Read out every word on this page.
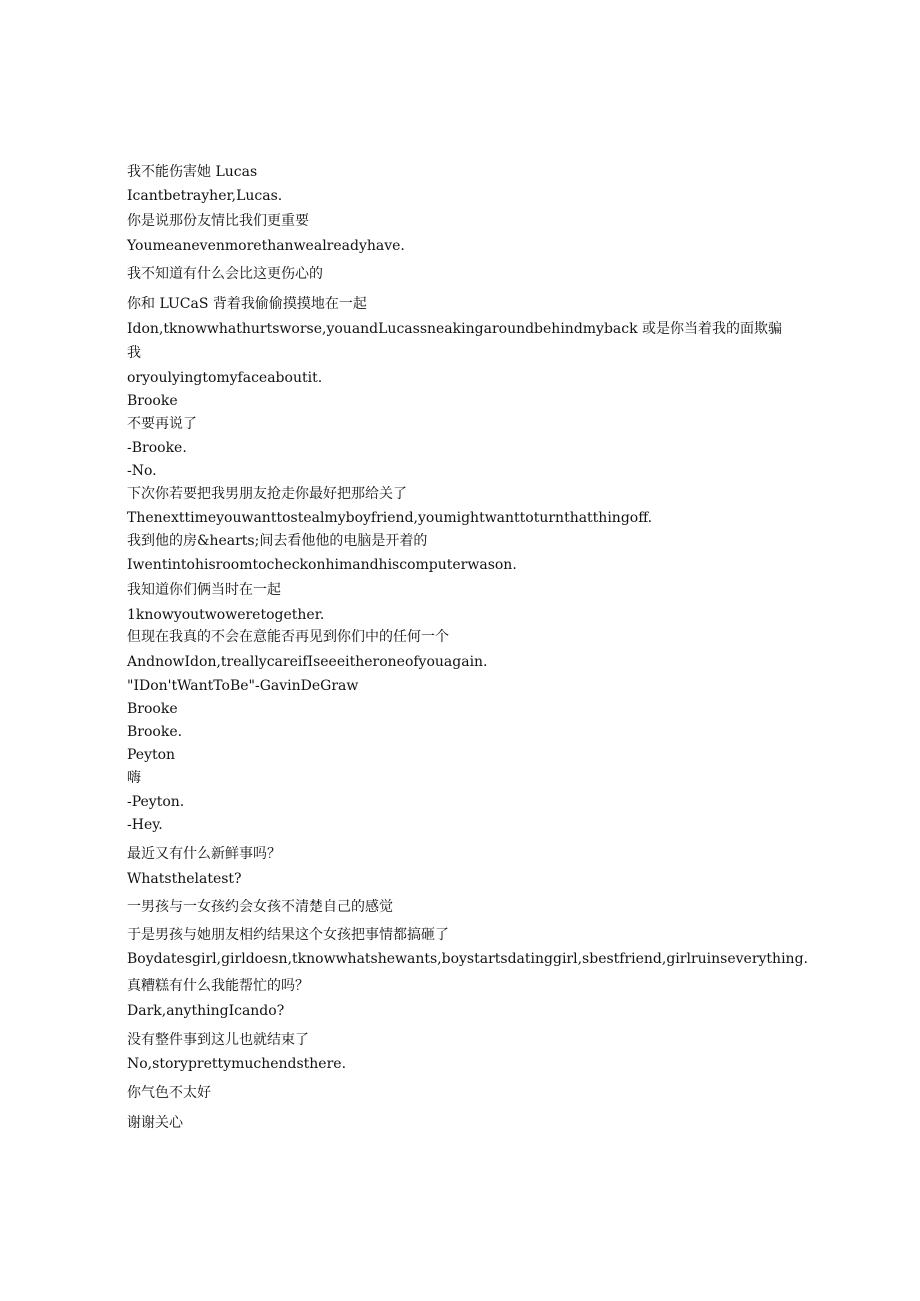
我不能伤害她 Lucas
Icantbetrayher,Lucas.
你是说那份友情比我们更重要
Youmeanevenmorethanwealreadyhave.
我不知道有什么会比这更伤心的
你和 LUCaS 背着我偷偷摸摸地在一起
Idon,tknowwhathurtsworse,youandLucassneakingaroundbehindmyback 或是你当着我的面欺骗
我
oryoulyingtomyfaceaboutit.
Brooke
不要再说了
-Brooke.
-No.
下次你若要把我男朋友抢走你最好把那给关了
Thenexttimeyouwanttostealmyboyfriend,youmightwanttoturnthatthingoff.
我到他的房&hearts;间去看他他的电脑是开着的
Iwentintohisroomtocheckonhimandhiscomputerwason.
我知道你们俩当时在一起
1knowyoutwoweretogether.
但现在我真的不会在意能否再见到你们中的任何一个
AndnowIdon,treallycareifIseeeitheroneofyouagain.
"IDon'tWantToBe"-GavinDeGraw
Brooke
Brooke.
Peyton
嗨
-Peyton.
-Hey.
最近又有什么新鲜事吗？
Whatsthelatest?
一男孩与一女孩约会女孩不清楚自己的感觉
于是男孩与她朋友相约结果这个女孩把事情都搞砸了
Boydatesgirl,girldoesn,tknowwhatshewants,boystartsdatinggirl,sbestfriend,girlruinseverything.
真糟糕有什么我能帮忙的吗？
Dark,anythingIcando?
没有整件事到这儿也就结束了
No,storyprettymuchendsthere.
你气色不太好
谢谢关心
